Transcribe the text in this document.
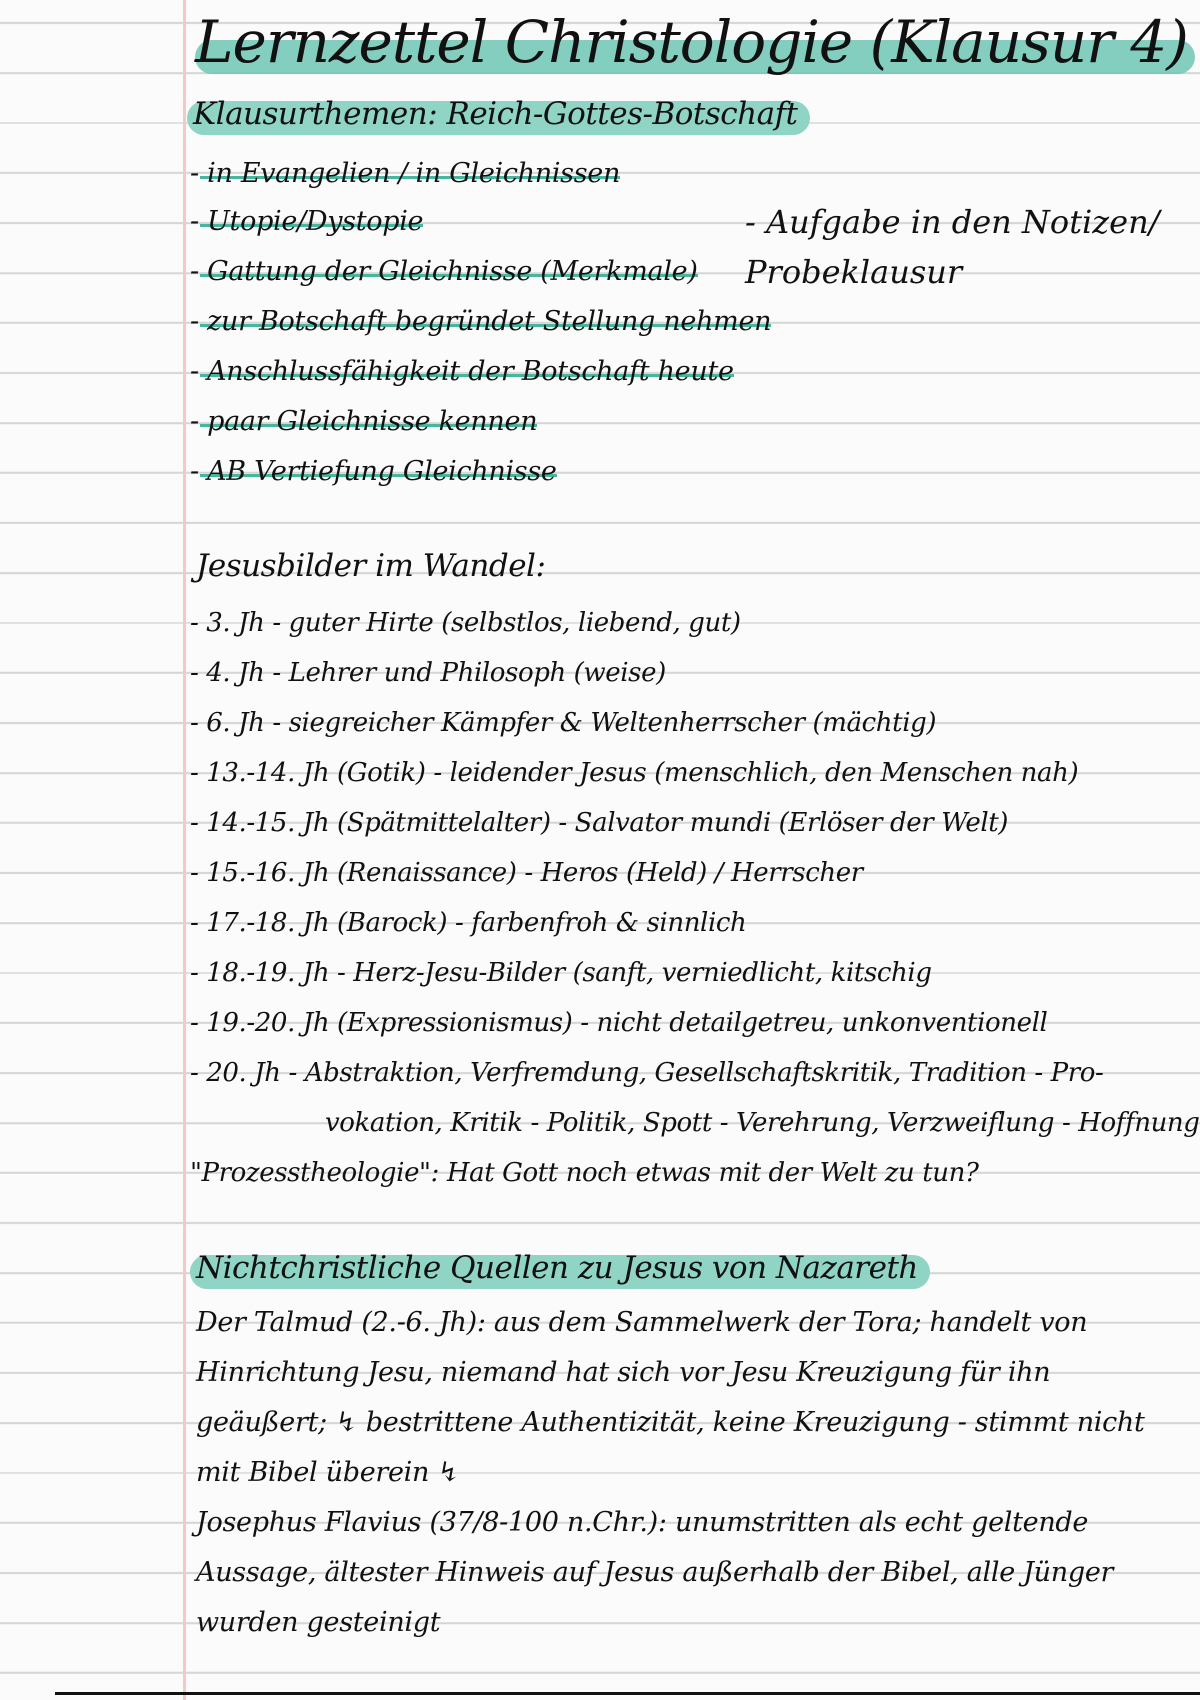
Lernzettel Christologie (Klausur 4)
Klausurthemen: Reich-Gottes-Botschaft
- in Evangelien / in Gleichnissen
- Utopie/Dystopie
- Gattung der Gleichnisse (Merkmale)
- zur Botschaft begründet Stellung nehmen
- Anschlussfähigkeit der Botschaft heute
- paar Gleichnisse kennen
- AB Vertiefung Gleichnisse
- Aufgabe in den Notizen/
Probeklausur
Jesusbilder im Wandel:
- 3. Jh - guter Hirte (selbstlos, liebend, gut)
- 4. Jh - Lehrer und Philosoph (weise)
- 6. Jh - siegreicher Kämpfer & Weltenherrscher (mächtig)
- 13.-14. Jh (Gotik) - leidender Jesus (menschlich, den Menschen nah)
- 14.-15. Jh (Spätmittelalter) - Salvator mundi (Erlöser der Welt)
- 15.-16. Jh (Renaissance) - Heros (Held) / Herrscher
- 17.-18. Jh (Barock) - farbenfroh & sinnlich
- 18.-19. Jh - Herz-Jesu-Bilder (sanft, verniedlicht, kitschig
- 19.-20. Jh (Expressionismus) - nicht detailgetreu, unkonventionell
- 20. Jh - Abstraktion, Verfremdung, Gesellschaftskritik, Tradition - Pro-
vokation, Kritik - Politik, Spott - Verehrung, Verzweiflung - Hoffnung
"Prozesstheologie": Hat Gott noch etwas mit der Welt zu tun?
Nichtchristliche Quellen zu Jesus von Nazareth
Der Talmud (2.-6. Jh): aus dem Sammelwerk der Tora; handelt von Hinrichtung Jesu, niemand hat sich vor Jesu Kreuzigung für ihn geäußert; ↯ bestrittene Authentizität, keine Kreuzigung - stimmt nicht mit Bibel überein ↯
Josephus Flavius (37/8-100 n.Chr.): unumstritten als echt geltende Aussage, ältester Hinweis auf Jesus außerhalb der Bibel, alle Jünger wurden gesteinigt
